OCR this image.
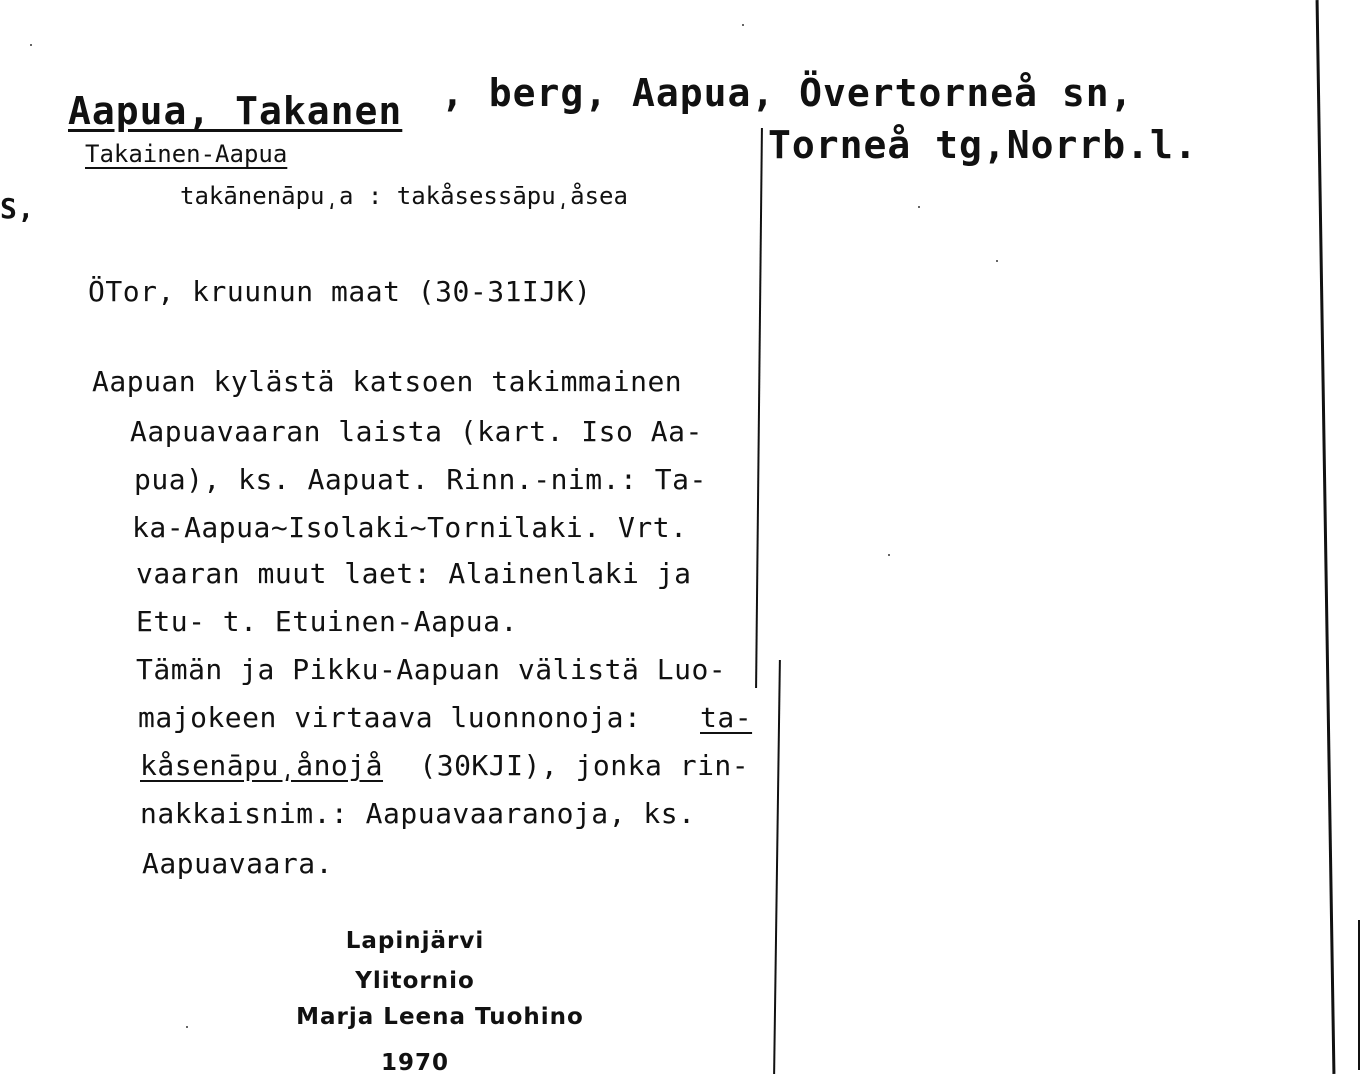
Aapua, Takanen , berg, Aapua, Övertorneå sn,
Torneå tg,Norrb.l.
Takainen-Aapua
S,	takānenāpu͵a : takåsessāpu͵åsea
ÖTor, kruunun maat (30-31IJK)
Aapuan kylästä katsoen takimmainen
Aapuavaaran laista (kart. Iso Aa-
pua), ks. Aapuat. Rinn.-nim.: Ta-
ka-Aapua~Isolaki~Tornilaki. Vrt.
vaaran muut laet: Alainenlaki ja
Etu- t. Etuinen-Aapua.
Tämän ja Pikku-Aapuan välistä Luo-
majokeen virtaava luonnonoja: ta-
kåsenāpu͵ånojå (30KJI), jonka rin-
nakkaisnim.: Aapuavaaranoja, ks.
Aapuavaara.
Lapinjärvi
Ylitornio
Marja Leena Tuohino
1970
